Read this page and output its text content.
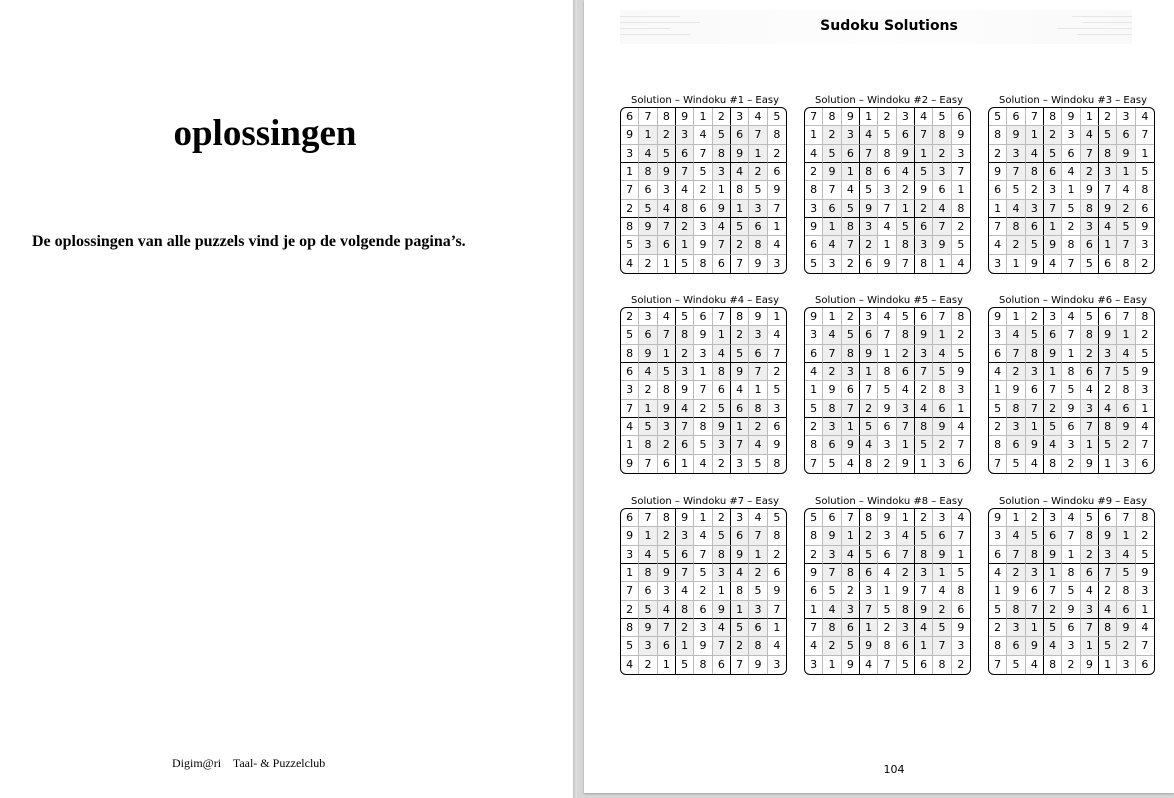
oplossingen
De oplossingen van alle puzzels vind je op de volgende pagina’s.
Digim@ri    Taal- & Puzzelclub
Sudoku Solutions
Solution – Windoku #1 – Easy
6	7	8	9	1	2	3	4	5
9	1	2	3	4	5	6	7	8
3	4	5	6	7	8	9	1	2
1	8	9	7	5	3	4	2	6
7	6	3	4	2	1	8	5	9
2	5	4	8	6	9	1	3	7
8	9	7	2	3	4	5	6	1
5	3	6	1	9	7	2	8	4
4	2	1	5	8	6	7	9	3
Solution – Windoku #2 – Easy
7	8	9	1	2	3	4	5	6
1	2	3	4	5	6	7	8	9
4	5	6	7	8	9	1	2	3
2	9	1	8	6	4	5	3	7
8	7	4	5	3	2	9	6	1
3	6	5	9	7	1	2	4	8
9	1	8	3	4	5	6	7	2
6	4	7	2	1	8	3	9	5
5	3	2	6	9	7	8	1	4
Solution – Windoku #3 – Easy
5	6	7	8	9	1	2	3	4
8	9	1	2	3	4	5	6	7
2	3	4	5	6	7	8	9	1
9	7	8	6	4	2	3	1	5
6	5	2	3	1	9	7	4	8
1	4	3	7	5	8	9	2	6
7	8	6	1	2	3	4	5	9
4	2	5	9	8	6	1	7	3
3	1	9	4	7	5	6	8	2
Solution – Windoku #4 – Easy
2	3	4	5	6	7	8	9	1
5	6	7	8	9	1	2	3	4
8	9	1	2	3	4	5	6	7
6	4	5	3	1	8	9	7	2
3	2	8	9	7	6	4	1	5
7	1	9	4	2	5	6	8	3
4	5	3	7	8	9	1	2	6
1	8	2	6	5	3	7	4	9
9	7	6	1	4	2	3	5	8
Solution – Windoku #5 – Easy
9	1	2	3	4	5	6	7	8
3	4	5	6	7	8	9	1	2
6	7	8	9	1	2	3	4	5
4	2	3	1	8	6	7	5	9
1	9	6	7	5	4	2	8	3
5	8	7	2	9	3	4	6	1
2	3	1	5	6	7	8	9	4
8	6	9	4	3	1	5	2	7
7	5	4	8	2	9	1	3	6
Solution – Windoku #6 – Easy
9	1	2	3	4	5	6	7	8
3	4	5	6	7	8	9	1	2
6	7	8	9	1	2	3	4	5
4	2	3	1	8	6	7	5	9
1	9	6	7	5	4	2	8	3
5	8	7	2	9	3	4	6	1
2	3	1	5	6	7	8	9	4
8	6	9	4	3	1	5	2	7
7	5	4	8	2	9	1	3	6
Solution – Windoku #7 – Easy
6	7	8	9	1	2	3	4	5
9	1	2	3	4	5	6	7	8
3	4	5	6	7	8	9	1	2
1	8	9	7	5	3	4	2	6
7	6	3	4	2	1	8	5	9
2	5	4	8	6	9	1	3	7
8	9	7	2	3	4	5	6	1
5	3	6	1	9	7	2	8	4
4	2	1	5	8	6	7	9	3
Solution – Windoku #8 – Easy
5	6	7	8	9	1	2	3	4
8	9	1	2	3	4	5	6	7
2	3	4	5	6	7	8	9	1
9	7	8	6	4	2	3	1	5
6	5	2	3	1	9	7	4	8
1	4	3	7	5	8	9	2	6
7	8	6	1	2	3	4	5	9
4	2	5	9	8	6	1	7	3
3	1	9	4	7	5	6	8	2
Solution – Windoku #9 – Easy
9	1	2	3	4	5	6	7	8
3	4	5	6	7	8	9	1	2
6	7	8	9	1	2	3	4	5
4	2	3	1	8	6	7	5	9
1	9	6	7	5	4	2	8	3
5	8	7	2	9	3	4	6	1
2	3	1	5	6	7	8	9	4
8	6	9	4	3	1	5	2	7
7	5	4	8	2	9	1	3	6
104
